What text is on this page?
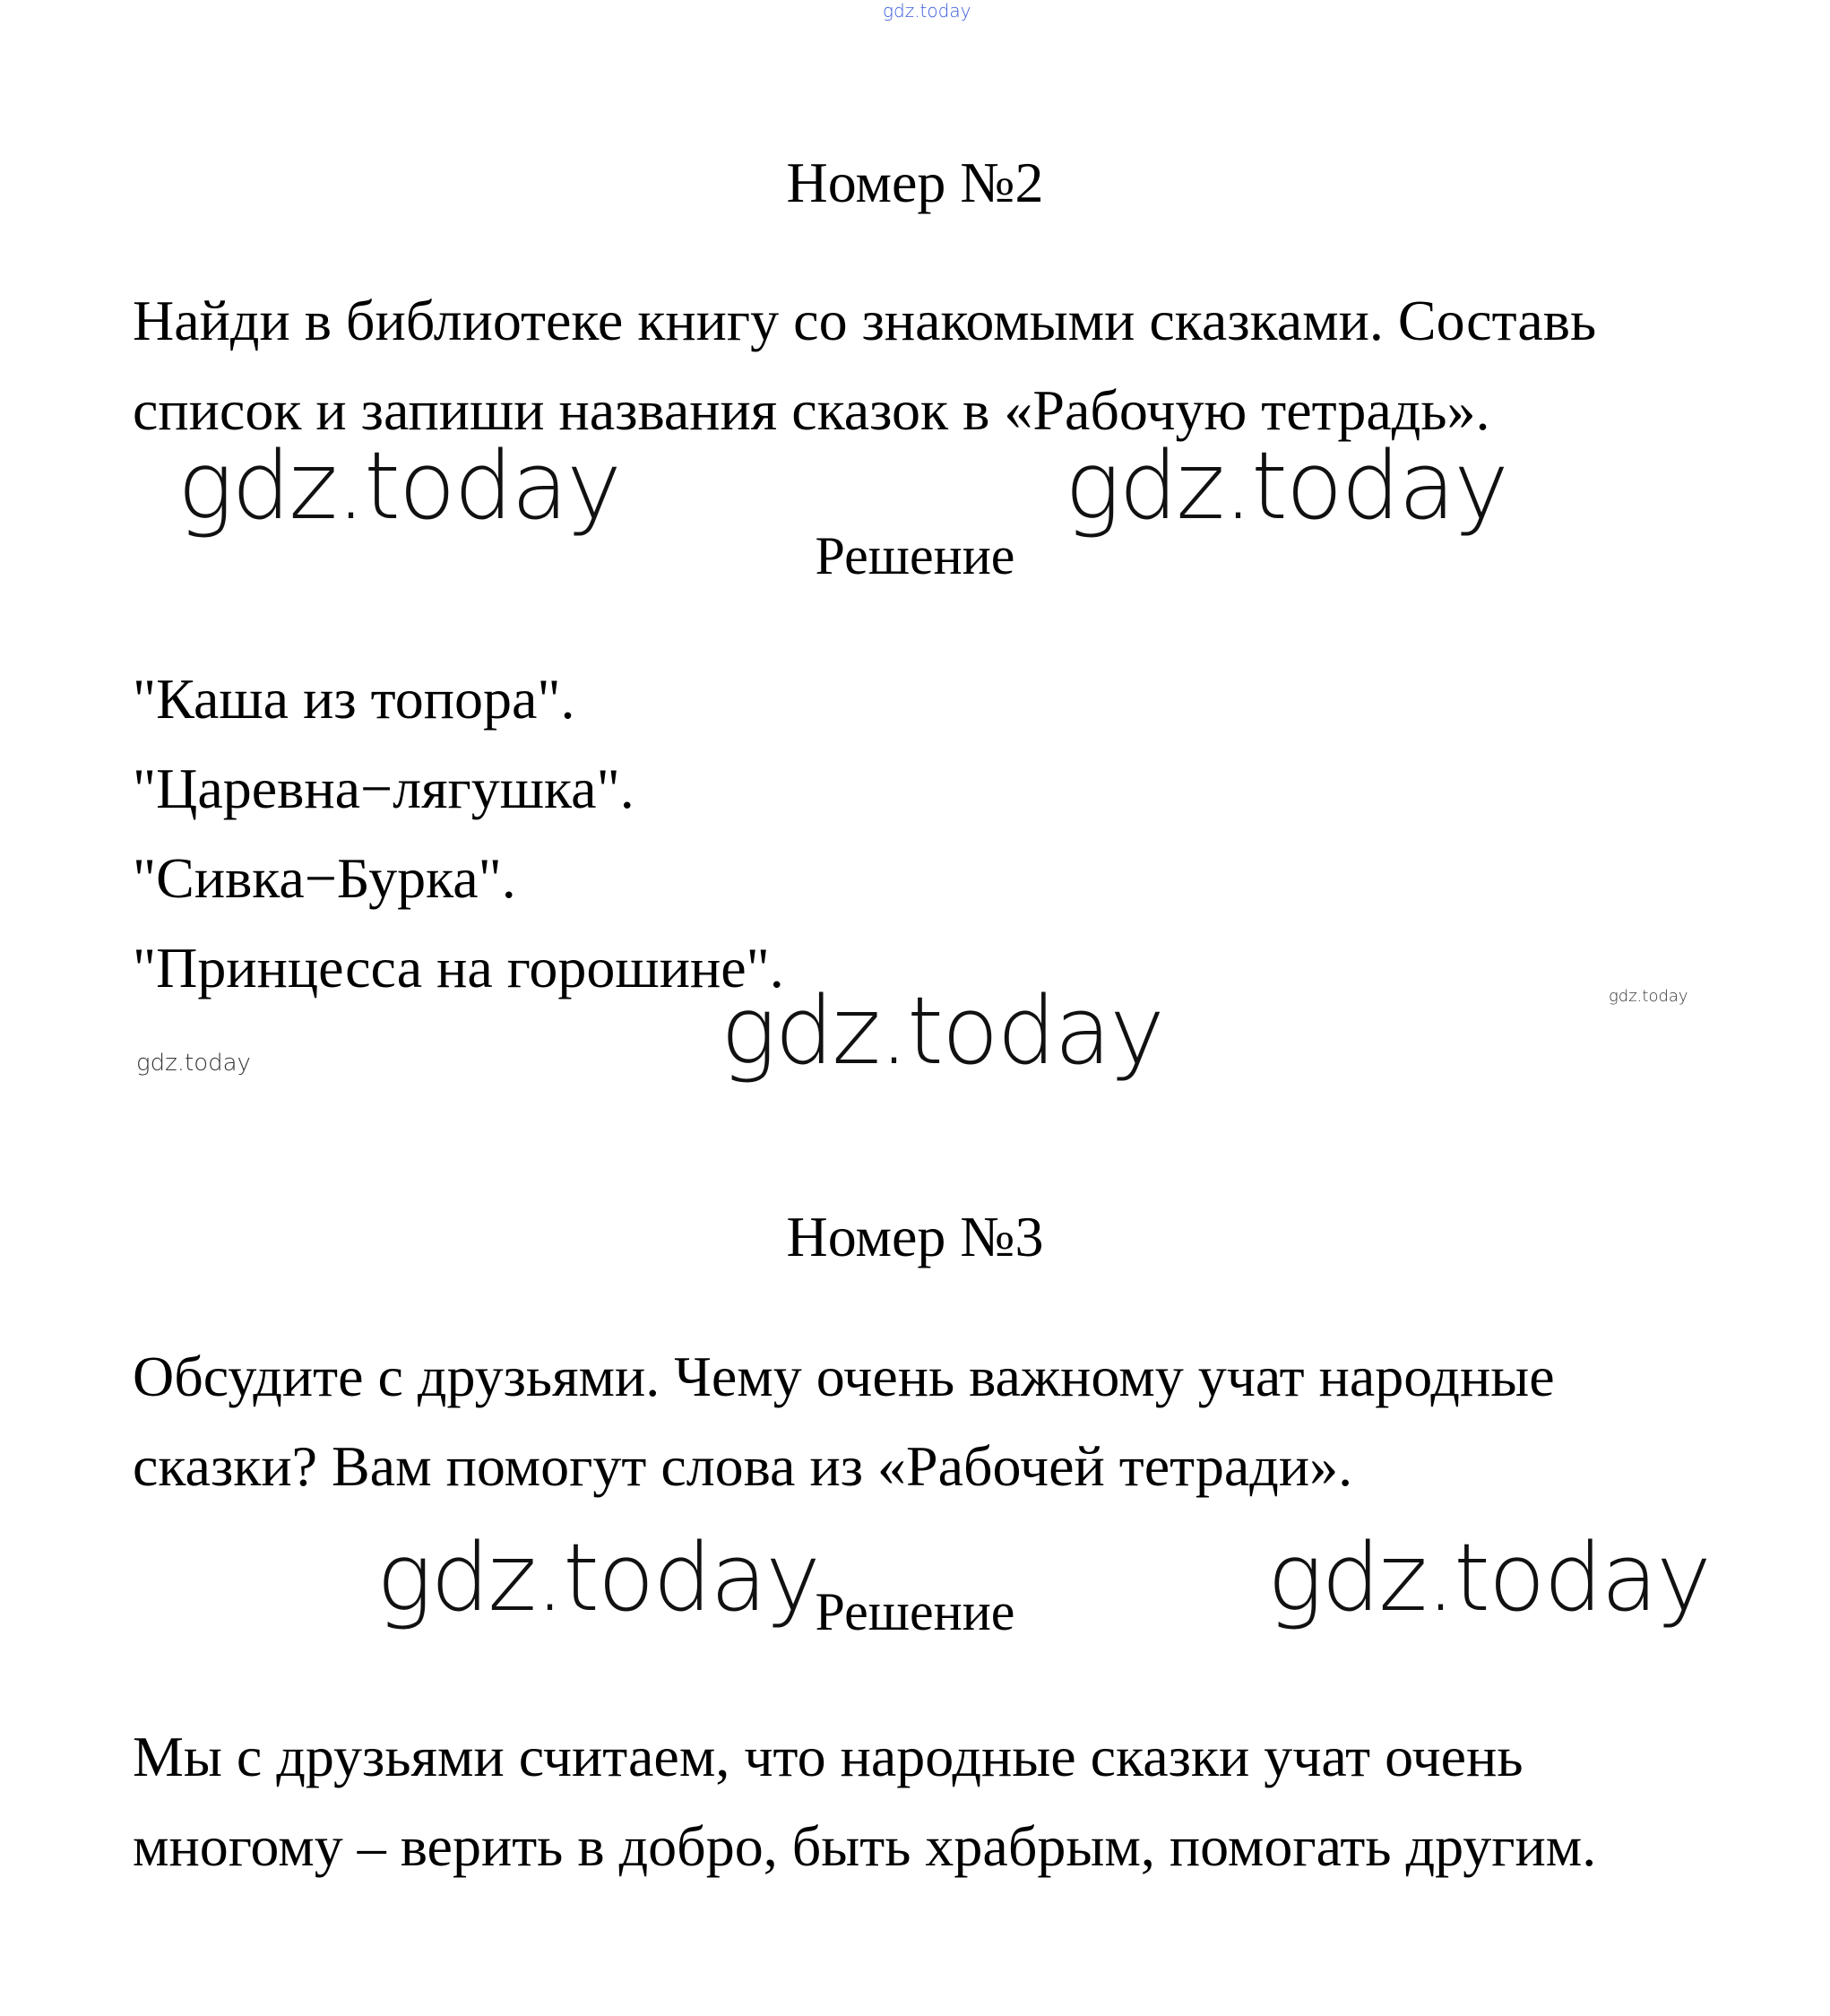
gdz.today
Номер №2
Найди в библиотеке книгу со знакомыми сказками. Составь
список и запиши названия сказок в «Рабочую тетрадь».
gdz.today	gdz.today
Решение
"Каша из топора".
"Царевна−лягушка".
"Сивка−Бурка".
"Принцесса на горошине".
gdz.today
gdz.today
gdz.today
Номер №3
Обсудите с друзьями. Чему очень важному учат народные
сказки? Вам помогут слова из «Рабочей тетради».
gdz.today	gdz.today
Решение
Мы с друзьями считаем, что народные сказки учат очень
многому – верить в добро, быть храбрым, помогать другим.
